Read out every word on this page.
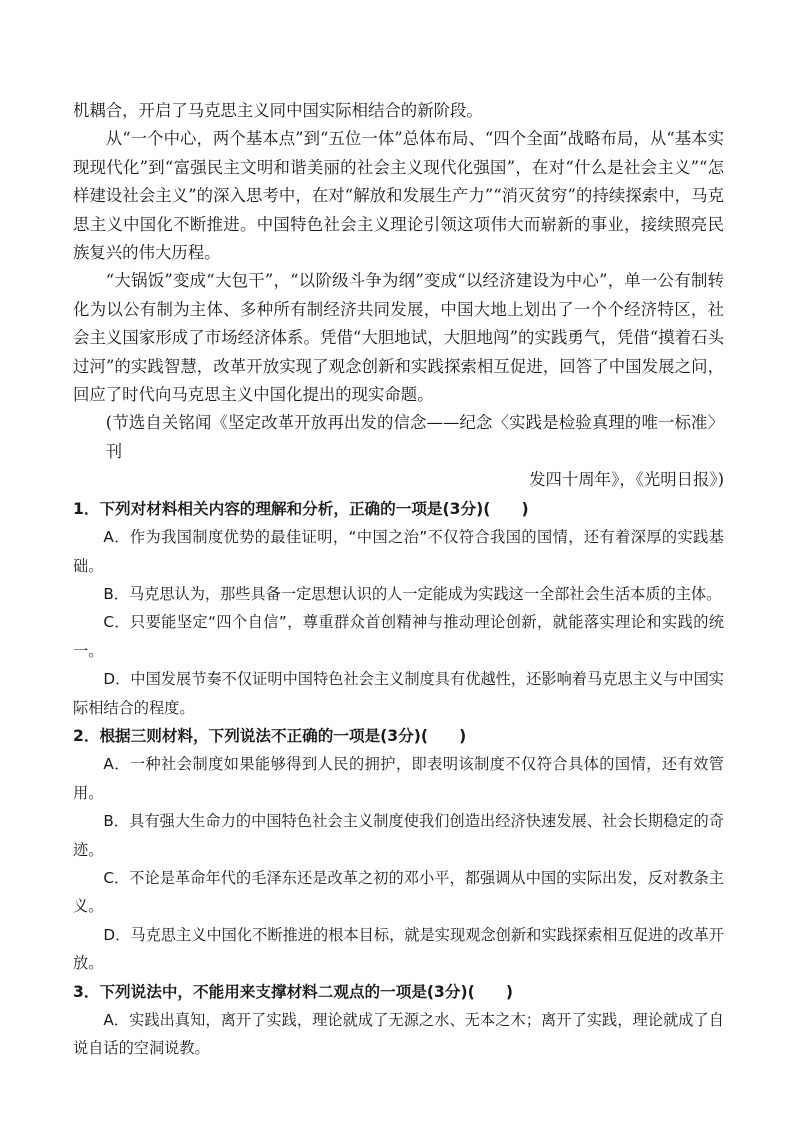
机耦合，开启了马克思主义同中国实际相结合的新阶段。

从“一个中心，两个基本点”到“五位一体”总体布局、“四个全面”战略布局，从“基本实现现代化”到“富强民主文明和谐美丽的社会主义现代化强国”，在对“什么是社会主义”“怎样建设社会主义”的深入思考中，在对“解放和发展生产力”“消灭贫穷”的持续探索中，马克思主义中国化不断推进。中国特色社会主义理论引领这项伟大而崭新的事业，接续照亮民族复兴的伟大历程。

“大锅饭”变成“大包干”，“以阶级斗争为纲”变成“以经济建设为中心”，单一公有制转化为以公有制为主体、多种所有制经济共同发展，中国大地上划出了一个个经济特区，社会主义国家形成了市场经济体系。凭借“大胆地试，大胆地闯”的实践勇气，凭借“摸着石头过河”的实践智慧，改革开放实现了观念创新和实践探索相互促进，回答了中国发展之问，回应了时代向马克思主义中国化提出的现实命题。

(节选自关铭闻《坚定改革开放再出发的信念——纪念〈实践是检验真理的唯一标准〉刊

发四十周年》，《光明日报》)

1．下列对材料相关内容的理解和分析，正确的一项是(3分)(　　)

A．作为我国制度优势的最佳证明，“中国之治”不仅符合我国的国情，还有着深厚的实践基础。

B．马克思认为，那些具备一定思想认识的人一定能成为实践这一全部社会生活本质的主体。

C．只要能坚定“四个自信”，尊重群众首创精神与推动理论创新，就能落实理论和实践的统一。

D．中国发展节奏不仅证明中国特色社会主义制度具有优越性，还影响着马克思主义与中国实际相结合的程度。

2．根据三则材料，下列说法不正确的一项是(3分)(　　)

A．一种社会制度如果能够得到人民的拥护，即表明该制度不仅符合具体的国情，还有效管用。

B．具有强大生命力的中国特色社会主义制度使我们创造出经济快速发展、社会长期稳定的奇迹。

C．不论是革命年代的毛泽东还是改革之初的邓小平，都强调从中国的实际出发，反对教条主义。

D．马克思主义中国化不断推进的根本目标，就是实现观念创新和实践探索相互促进的改革开放。

3．下列说法中，不能用来支撑材料二观点的一项是(3分)(　　)

A．实践出真知，离开了实践，理论就成了无源之水、无本之木；离开了实践，理论就成了自说自话的空洞说教。
